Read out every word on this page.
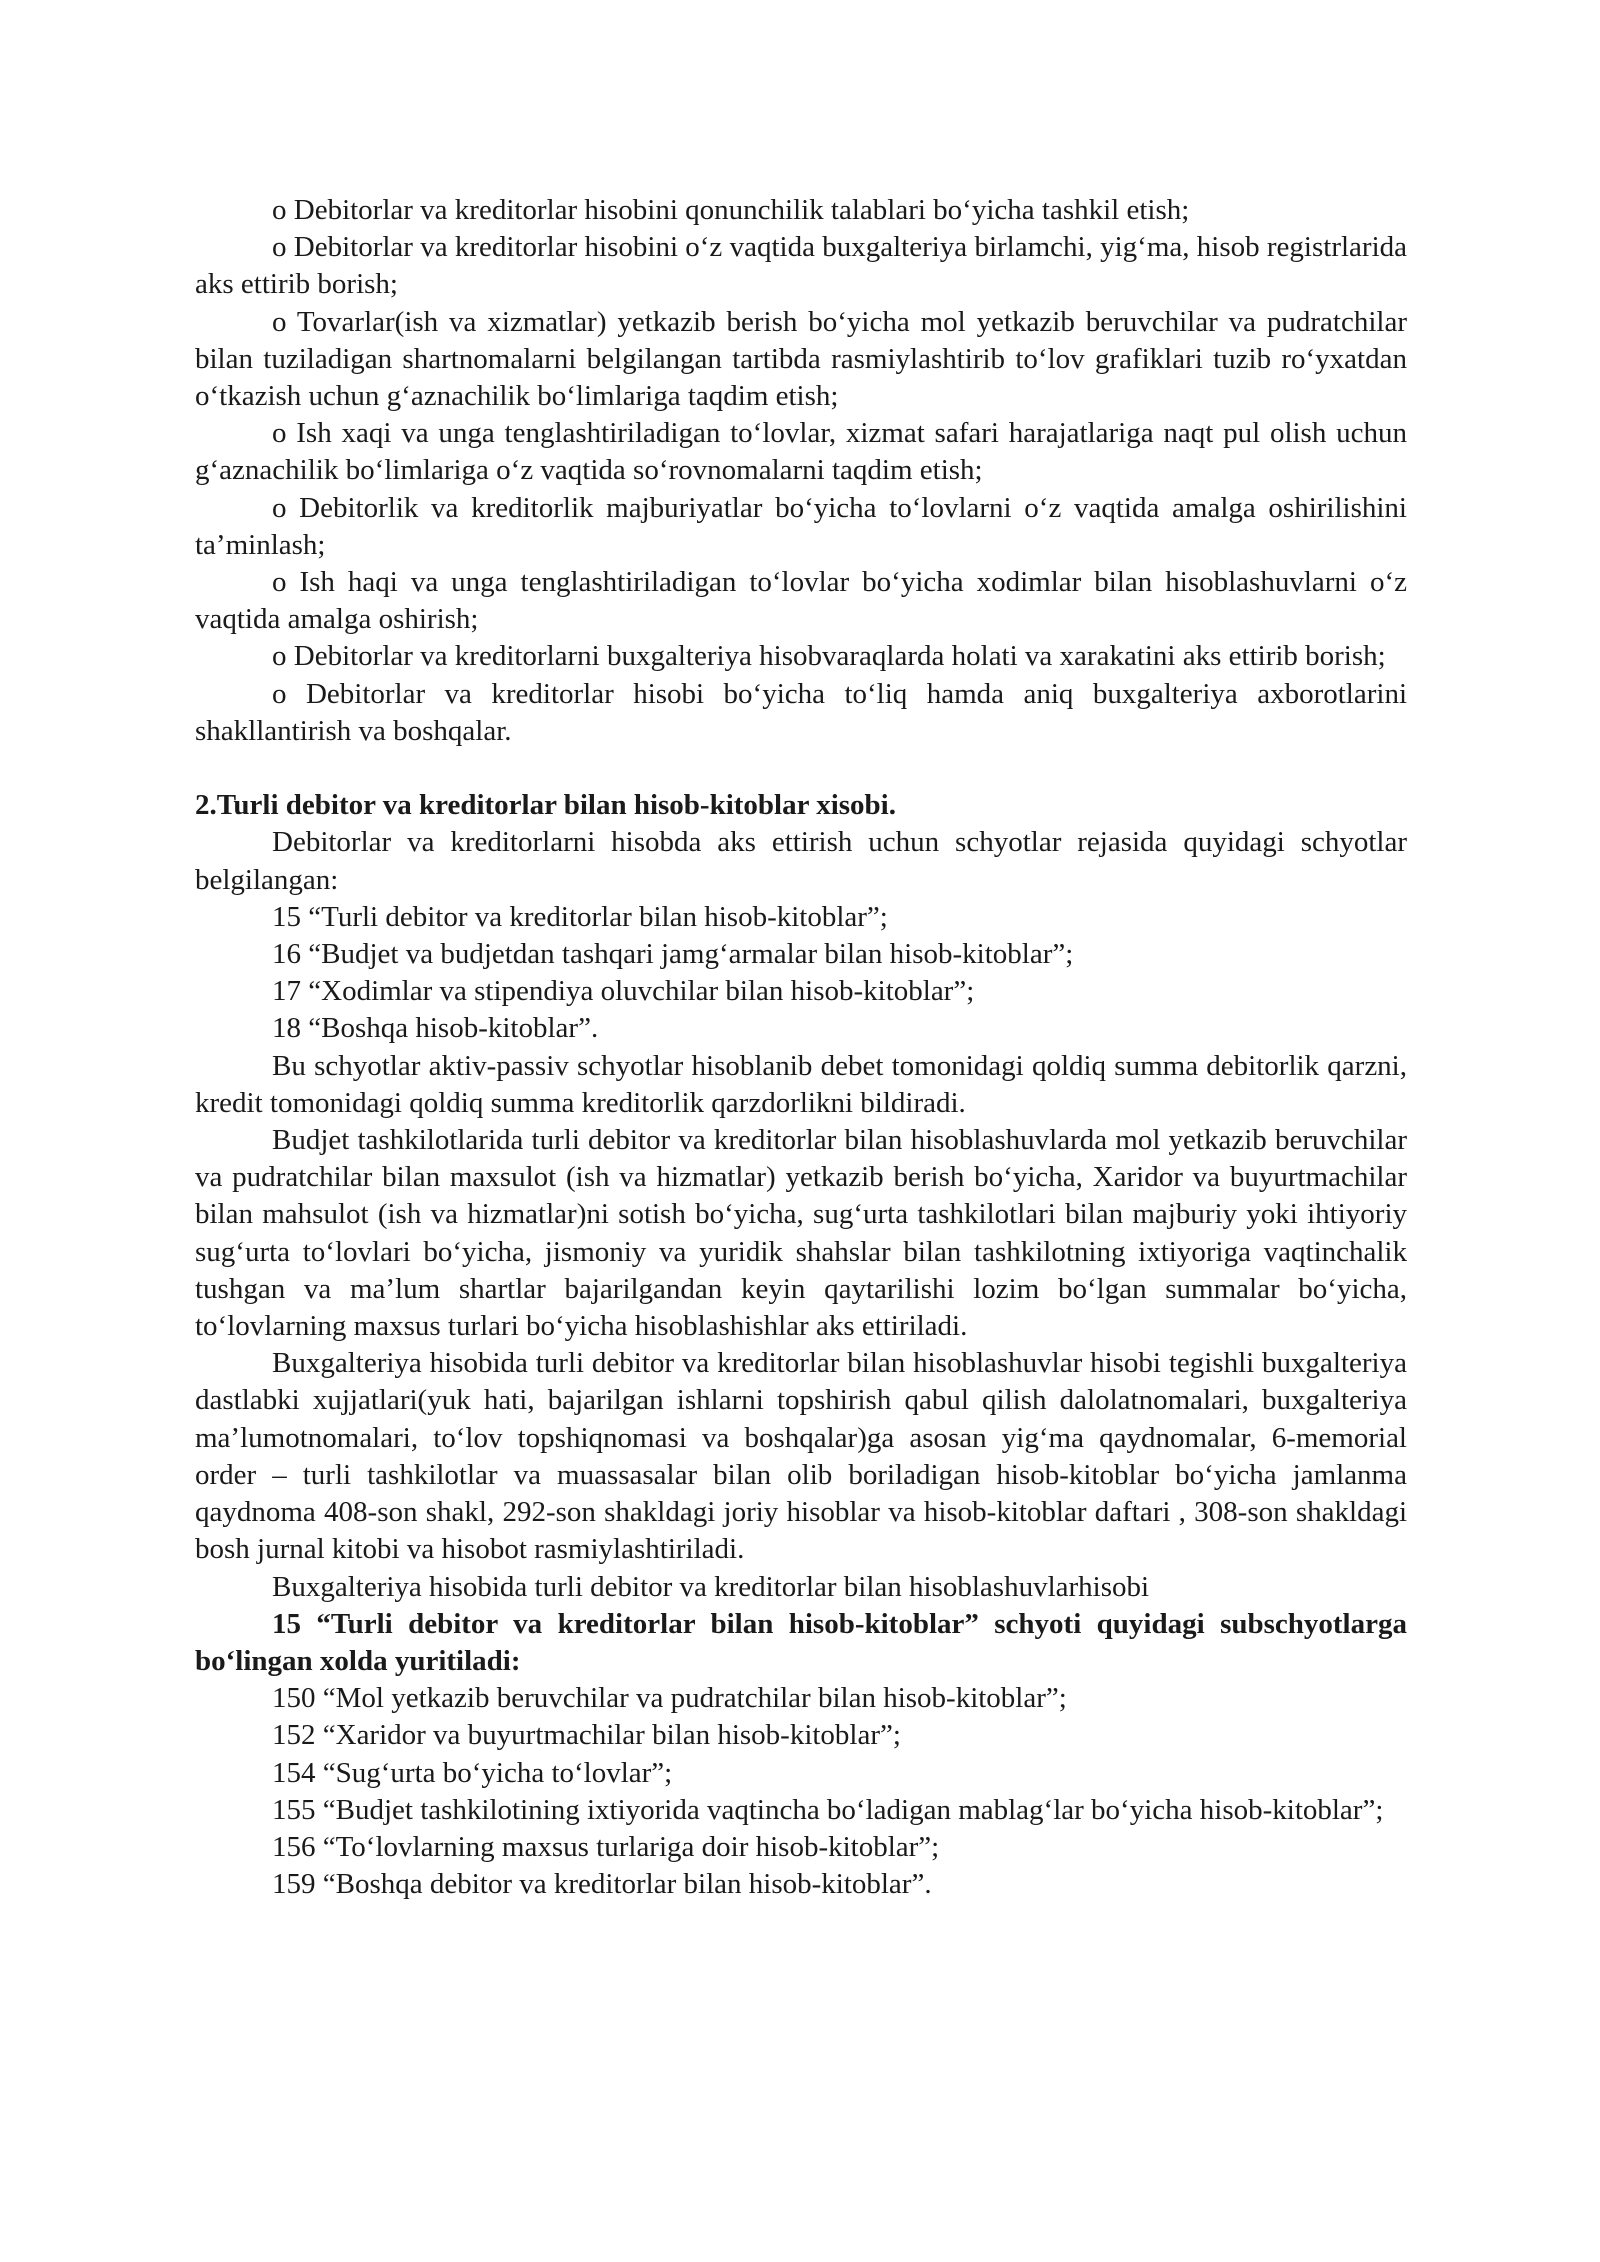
o Debitorlar va kreditorlar hisobini qonunchilik talablari bo‘yicha tashkil etish;

o Debitorlar va kreditorlar hisobini o‘z vaqtida buxgalteriya birlamchi, yig‘ma, hisob registrlarida aks ettirib borish;

o Tovarlar(ish va xizmatlar) yetkazib berish bo‘yicha mol yetkazib beruvchilar va pudratchilar bilan tuziladigan shartnomalarni belgilangan tartibda rasmiylashtirib to‘lov grafiklari tuzib ro‘yxatdan o‘tkazish uchun g‘aznachilik bo‘limlariga taqdim etish;

o Ish xaqi va unga tenglashtiriladigan to‘lovlar, xizmat safari harajatlariga naqt pul olish uchun g‘aznachilik bo‘limlariga o‘z vaqtida so‘rovnomalarni taqdim etish;

o Debitorlik va kreditorlik majburiyatlar bo‘yicha to‘lovlarni o‘z vaqtida amalga oshirilishini ta’minlash;

o Ish haqi va unga tenglashtiriladigan to‘lovlar bo‘yicha xodimlar bilan hisoblashuvlarni o‘z vaqtida amalga oshirish;

o Debitorlar va kreditorlarni buxgalteriya hisobvaraqlarda holati va xarakatini aks ettirib borish;

o Debitorlar va kreditorlar hisobi bo‘yicha to‘liq hamda aniq buxgalteriya axborotlarini shakllantirish va boshqalar.

2.Turli debitor va kreditorlar bilan hisob-kitoblar xisobi.

Debitorlar va kreditorlarni hisobda aks ettirish uchun schyotlar rejasida quyidagi schyotlar belgilangan:

15 “Turli debitor va kreditorlar bilan hisob-kitoblar”;

16 “Budjet va budjetdan tashqari jamg‘armalar bilan hisob-kitoblar”;

17 “Xodimlar va stipendiya oluvchilar bilan hisob-kitoblar”;

18 “Boshqa hisob-kitoblar”.

Bu schyotlar aktiv-passiv schyotlar hisoblanib debet tomonidagi qoldiq summa debitorlik qarzni, kredit tomonidagi qoldiq summa kreditorlik qarzdorlikni bildiradi.

Budjet tashkilotlarida turli debitor va kreditorlar bilan hisoblashuvlarda mol yetkazib beruvchilar va pudratchilar bilan maxsulot (ish va hizmatlar) yetkazib berish bo‘yicha, Xaridor va buyurtmachilar bilan mahsulot (ish va hizmatlar)ni sotish bo‘yicha, sug‘urta tashkilotlari bilan majburiy yoki ihtiyoriy sug‘urta to‘lovlari bo‘yicha, jismoniy va yuridik shahslar bilan tashkilotning ixtiyoriga vaqtinchalik tushgan va ma’lum shartlar bajarilgandan keyin qaytarilishi lozim bo‘lgan summalar bo‘yicha, to‘lovlarning maxsus turlari bo‘yicha hisoblashishlar aks ettiriladi.

Buxgalteriya hisobida turli debitor va kreditorlar bilan hisoblashuvlar hisobi tegishli buxgalteriya dastlabki xujjatlari(yuk hati, bajarilgan ishlarni topshirish qabul qilish dalolatnomalari, buxgalteriya ma’lumotnomalari, to‘lov topshiqnomasi va boshqalar)ga asosan yig‘ma qaydnomalar, 6-memorial order – turli tashkilotlar va muassasalar bilan olib boriladigan hisob-kitoblar bo‘yicha jamlanma qaydnoma 408-son shakl, 292-son shakldagi joriy hisoblar va hisob-kitoblar daftari , 308-son shakldagi bosh jurnal kitobi va hisobot rasmiylashtiriladi.

Buxgalteriya hisobida turli debitor va kreditorlar bilan hisoblashuvlarhisobi

15 “Turli debitor va kreditorlar bilan hisob-kitoblar” schyoti quyidagi subschyotlarga bo‘lingan xolda yuritiladi:

150 “Mol yetkazib beruvchilar va pudratchilar bilan hisob-kitoblar”;

152 “Xaridor va buyurtmachilar bilan hisob-kitoblar”;

154 “Sug‘urta bo‘yicha to‘lovlar”;

155 “Budjet tashkilotining ixtiyorida vaqtincha bo‘ladigan mablag‘lar bo‘yicha hisob-kitoblar”;

156 “To‘lovlarning maxsus turlariga doir hisob-kitoblar”;

159 “Boshqa debitor va kreditorlar bilan hisob-kitoblar”.
